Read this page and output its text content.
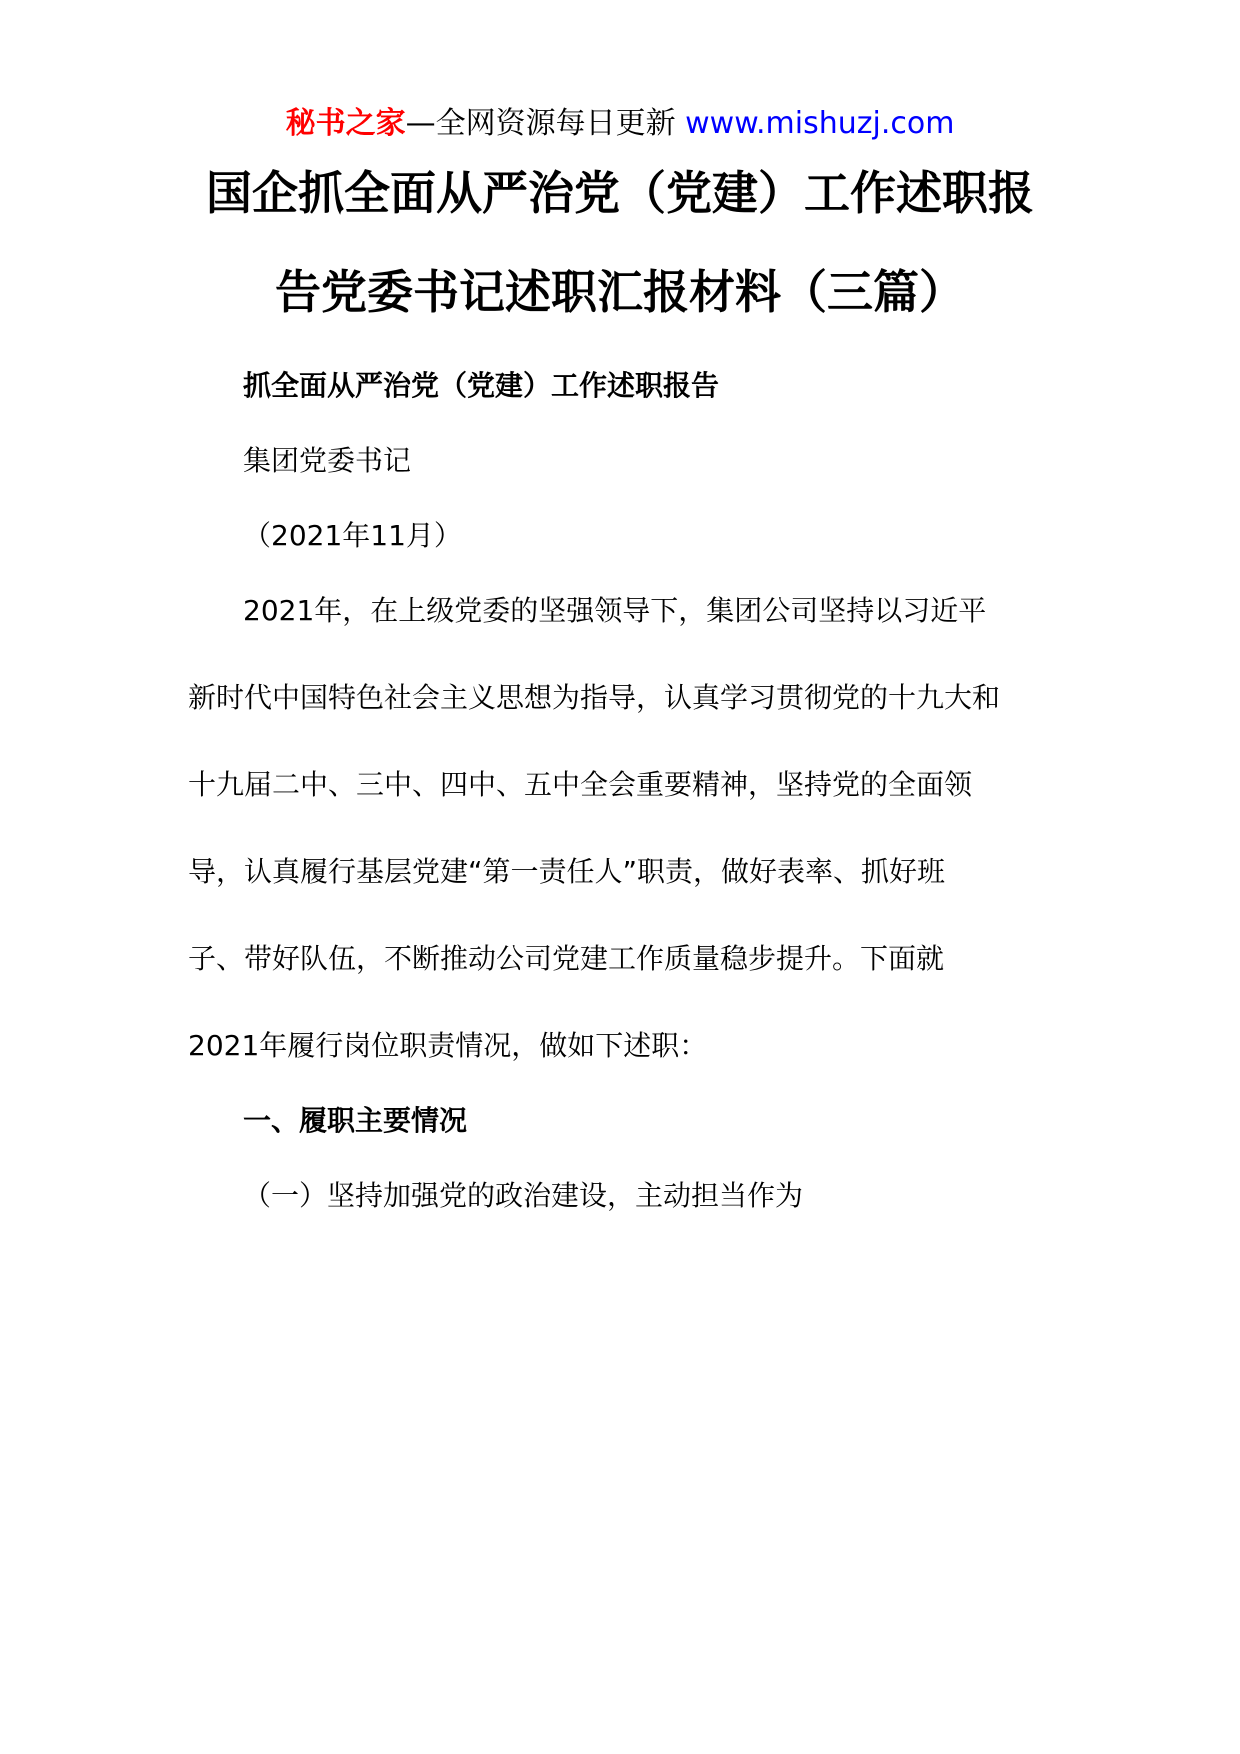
秘书之家—全网资源每日更新 www.mishuzj.com
国企抓全面从严治党（党建）工作述职报
告党委书记述职汇报材料（三篇）
抓全面从严治党（党建）工作述职报告
集团党委书记
（2021年11月）
2021年，在上级党委的坚强领导下，集团公司坚持以习近平
新时代中国特色社会主义思想为指导，认真学习贯彻党的十九大和
十九届二中、三中、四中、五中全会重要精神，坚持党的全面领
导，认真履行基层党建“第一责任人”职责，做好表率、抓好班
子、带好队伍，不断推动公司党建工作质量稳步提升。下面就
2021年履行岗位职责情况，做如下述职：
一、履职主要情况
（一）坚持加强党的政治建设，主动担当作为
